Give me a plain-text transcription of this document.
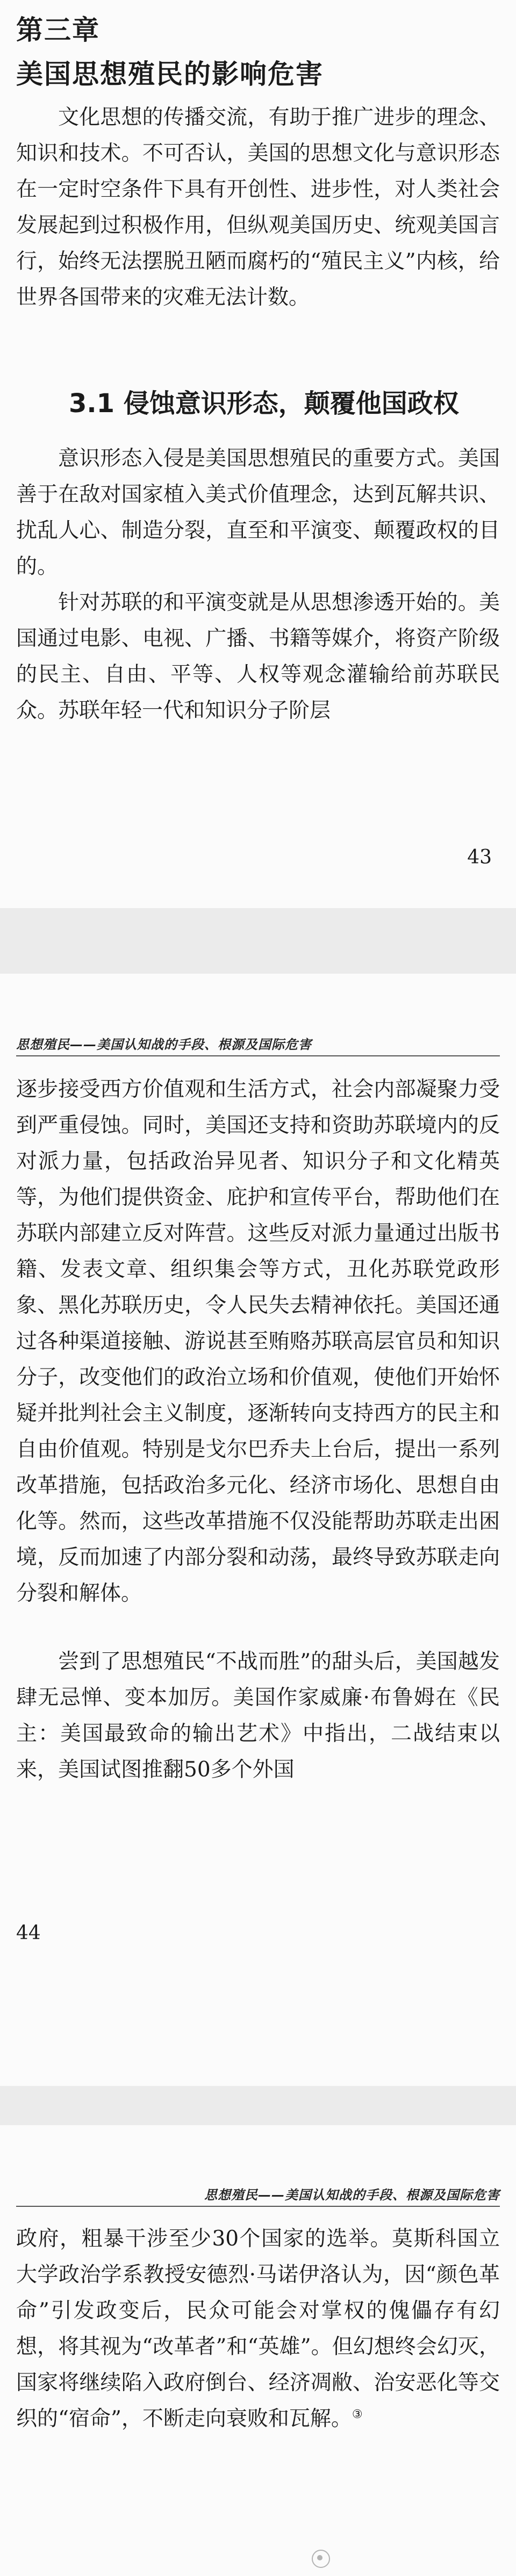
第三章
美国思想殖民的影响危害

文化思想的传播交流，有助于推广进步的理念、知识和技术。不可否认，美国的思想文化与意识形态在一定时空条件下具有开创性、进步性，对人类社会发展起到过积极作用，但纵观美国历史、统观美国言行，始终无法摆脱丑陋而腐朽的“殖民主义”内核，给世界各国带来的灾难无法计数。

3.1 侵蚀意识形态，颠覆他国政权

意识形态入侵是美国思想殖民的重要方式。美国善于在敌对国家植入美式价值理念，达到瓦解共识、扰乱人心、制造分裂，直至和平演变、颠覆政权的目的。

针对苏联的和平演变就是从思想渗透开始的。美国通过电影、电视、广播、书籍等媒介，将资产阶级的民主、自由、平等、人权等观念灌输给前苏联民众。苏联年轻一代和知识分子阶层

43

思想殖民——美国认知战的手段、根源及国际危害

逐步接受西方价值观和生活方式，社会内部凝聚力受到严重侵蚀。同时，美国还支持和资助苏联境内的反对派力量，包括政治异见者、知识分子和文化精英等，为他们提供资金、庇护和宣传平台，帮助他们在苏联内部建立反对阵营。这些反对派力量通过出版书籍、发表文章、组织集会等方式，丑化苏联党政形象、黑化苏联历史，令人民失去精神依托。美国还通过各种渠道接触、游说甚至贿赂苏联高层官员和知识分子，改变他们的政治立场和价值观，使他们开始怀疑并批判社会主义制度，逐渐转向支持西方的民主和自由价值观。特别是戈尔巴乔夫上台后，提出一系列改革措施，包括政治多元化、经济市场化、思想自由化等。然而，这些改革措施不仅没能帮助苏联走出困境，反而加速了内部分裂和动荡，最终导致苏联走向分裂和解体。

尝到了思想殖民“不战而胜”的甜头后，美国越发肆无忌惮、变本加厉。美国作家威廉·布鲁姆在《民主：美国最致命的输出艺术》中指出，二战结束以来，美国试图推翻50多个外国

44

思想殖民——美国认知战的手段、根源及国际危害

政府，粗暴干涉至少30个国家的选举。莫斯科国立大学政治学系教授安德烈·马诺伊洛认为，因“颜色革命”引发政变后，民众可能会对掌权的傀儡存有幻想，将其视为“改革者”和“英雄”。但幻想终会幻灭，国家将继续陷入政府倒台、经济凋敝、治安恶化等交织的“宿命”，不断走向衰败和瓦解。③
